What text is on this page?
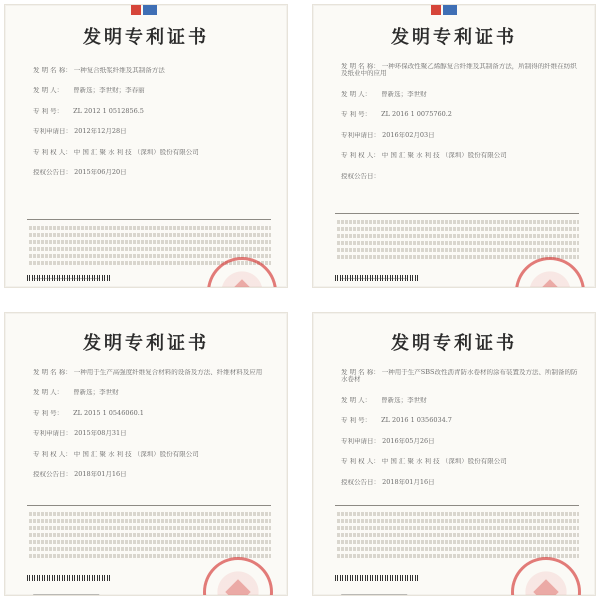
发明专利证书
发 明 名 称： 一种复合纸浆纤维及其制备方法
发 明 人： 曾新选；李世财；李春丽
专 利 号： ZL 2012 1 0512856.5
专利申请日： 2012年12月28日
专 利 权 人： 中 国 汇 聚 水 利 技 （深圳）股份有限公司
授权公告日： 2015年06月20日
发明专利证书
发 明 名 称： 一种环保改性聚乙烯醇复合纤维及其制备方法，所制得的纤维在纺织及纸业中的应用
发 明 人： 曾新选；李世财
专 利 号： ZL 2016 1 0075760.2
专利申请日： 2016年02月03日
专 利 权 人： 中 国 汇 聚 水 利 技 （深圳）股份有限公司
授权公告日：
发明专利证书
发 明 名 称： 一种用于生产高强度纤维复合材料的设备及方法、纤维材料及应用
发 明 人： 曾新选；李世财
专 利 号： ZL 2015 1 0546060.1
专利申请日： 2015年08月31日
专 利 权 人： 中 国 汇 聚 水 利 技 （深圳）股份有限公司
授权公告日： 2018年01月16日
发明专利证书
发 明 名 称： 一种用于生产SBS改性沥青防水卷材的涂布装置及方法、所制备的防水卷材
发 明 人： 曾新选；李世财
专 利 号： ZL 2016 1 0356034.7
专利申请日： 2016年05月26日
专 利 权 人： 中 国 汇 聚 水 利 技 （深圳）股份有限公司
授权公告日： 2018年01月16日
